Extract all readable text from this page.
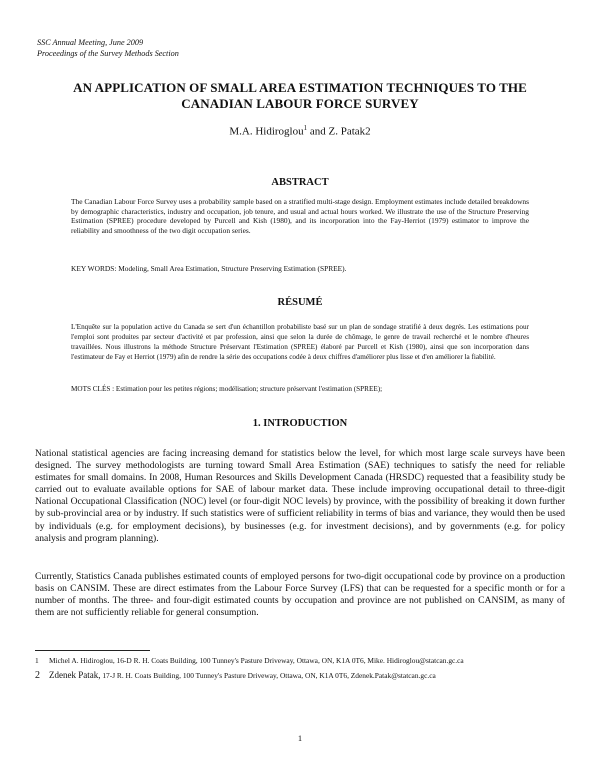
SSC Annual Meeting, June 2009
Proceedings of the Survey Methods Section
AN APPLICATION OF SMALL AREA ESTIMATION TECHNIQUES TO THE
CANADIAN LABOUR FORCE SURVEY
M.A. Hidiroglou$^1$ and Z. Patak2
ABSTRACT
The Canadian Labour Force Survey uses a probability sample based on a stratified multi-stage design. Employment estimates include detailed breakdowns by demographic characteristics, industry and occupation, job tenure, and usual and actual hours worked. We illustrate the use of the Structure Preserving Estimation (SPREE) procedure developed by Purcell and Kish (1980), and its incorporation into the Fay-Herriot (1979) estimator to improve the reliability and smoothness of the two digit occupation series.
KEY WORDS: Modeling, Small Area Estimation, Structure Preserving Estimation (SPREE).
RÉSUMÉ
L'Enquête sur la population active du Canada se sert d'un échantillon probabiliste basé sur un plan de sondage stratifié à deux degrés. Les estimations pour l'emploi sont produites par secteur d'activité et par profession, ainsi que selon la durée de chômage, le genre de travail recherché et le nombre d'heures travaillées. Nous illustrons la méthode Structure Préservant l'Estimation (SPREE) élaboré par Purcell et Kish (1980), ainsi que son incorporation dans l'estimateur de Fay et Herriot (1979) afin de rendre la série des occupations codée à deux chiffres d'améliorer plus lisse et d'en améliorer la fiabilité.
MOTS CLÉS : Estimation pour les petites régions; modélisation; structure préservant l'estimation (SPREE);
1. INTRODUCTION
National statistical agencies are facing increasing demand for statistics below the level, for which most large scale surveys have been designed. The survey methodologists are turning toward Small Area Estimation (SAE) techniques to satisfy the need for reliable estimates for small domains. In 2008, Human Resources and Skills Development Canada (HRSDC) requested that a feasibility study be carried out to evaluate available options for SAE of labour market data. These include improving occupational detail to three-digit National Occupational Classification (NOC) level (or four-digit NOC levels) by province, with the possibility of breaking it down further by sub-provincial area or by industry. If such statistics were of sufficient reliability in terms of bias and variance, they would then be used by individuals (e.g. for employment decisions), by businesses (e.g. for investment decisions), and by governments (e.g. for policy analysis and program planning).
Currently, Statistics Canada publishes estimated counts of employed persons for two-digit occupational code by province on a production basis on CANSIM. These are direct estimates from the Labour Force Survey (LFS) that can be requested for a specific month or for a number of months. The three- and four-digit estimated counts by occupation and province are not published on CANSIM, as many of them are not sufficiently reliable for general consumption.
1 Michel A. Hidiroglou, 16-D R. H. Coats Building, 100 Tunney's Pasture Driveway, Ottawa, ON, K1A 0T6, Mike. Hidiroglou@statcan.gc.ca
2 Zdenek Patak, 17-J R. H. Coats Building, 100 Tunney's Pasture Driveway, Ottawa, ON, K1A 0T6, Zdenek.Patak@statcan.gc.ca
1
